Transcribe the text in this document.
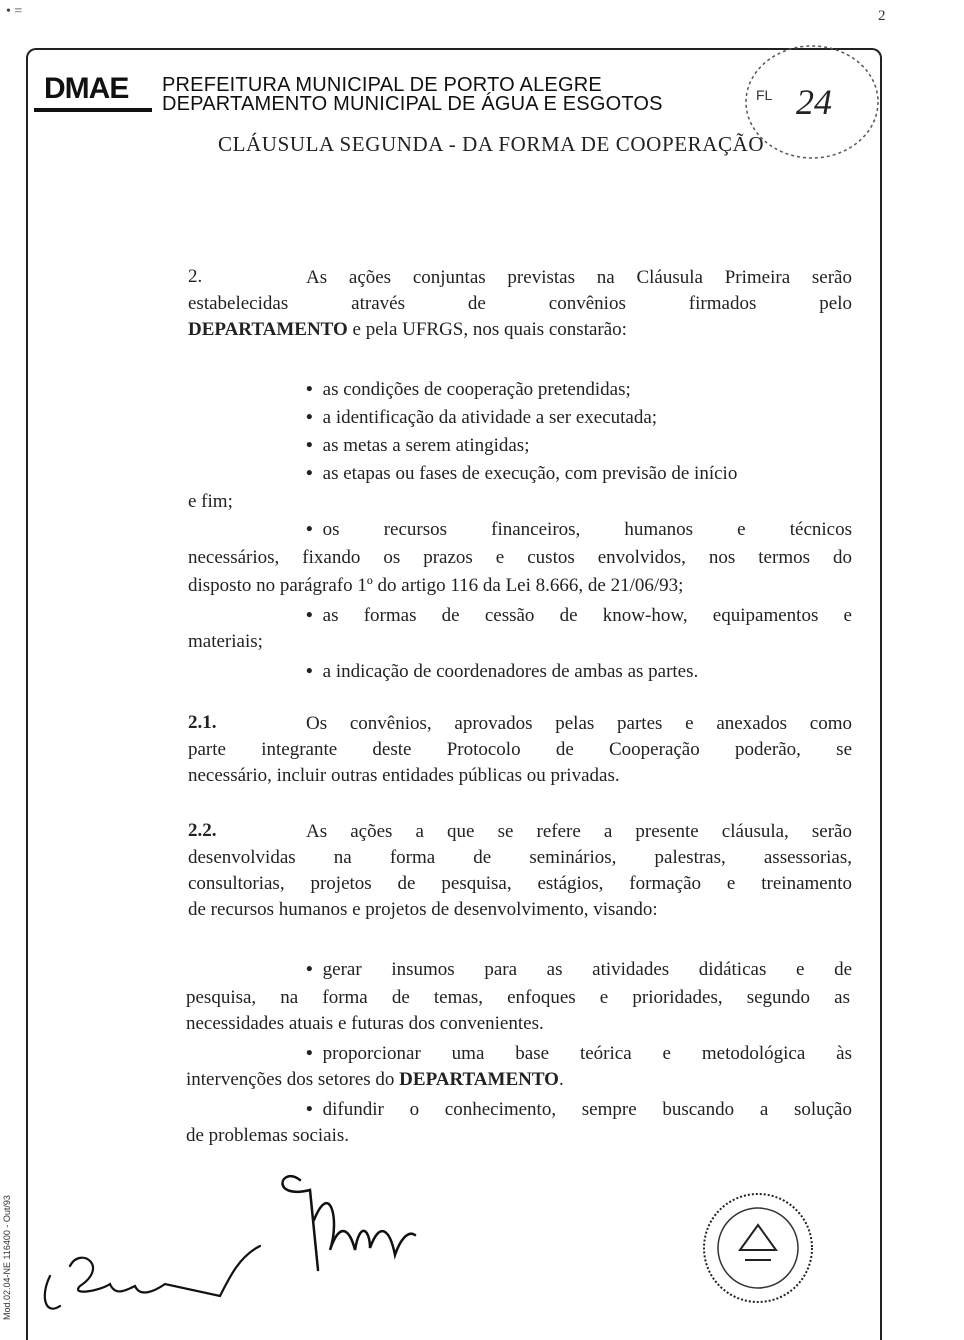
2
• =
DMAE PREFEITURA MUNICIPAL DE PORTO ALEGRE
DEPARTAMENTO MUNICIPAL DE ÁGUA E ESGOTOS	FL 24
CLÁUSULA SEGUNDA - DA FORMA DE COOPERAÇÃO
2.	As ações conjuntas previstas na Cláusula Primeira serão
estabelecidas através de convênios firmados pelo
DEPARTAMENTO e pela UFRGS, nos quais constarão:
• as condições de cooperação pretendidas;
• a identificação da atividade a ser executada;
• as metas a serem atingidas;
• as etapas ou fases de execução, com previsão de início
e fim;
• os recursos financeiros, humanos e técnicos
necessários, fixando os prazos e custos envolvidos, nos termos do
disposto no parágrafo 1º do artigo 116 da Lei 8.666, de 21/06/93;
• as formas de cessão de know-how, equipamentos e
materiais;
• a indicação de coordenadores de ambas as partes.
2.1.	Os convênios, aprovados pelas partes e anexados como
parte integrante deste Protocolo de Cooperação poderão, se
necessário, incluir outras entidades públicas ou privadas.
2.2.	As ações a que se refere a presente cláusula, serão
desenvolvidas na forma de seminários, palestras, assessorias,
consultorias, projetos de pesquisa, estágios, formação e treinamento
de recursos humanos e projetos de desenvolvimento, visando:
• gerar insumos para as atividades didáticas e de
pesquisa, na forma de temas, enfoques e prioridades, segundo as
necessidades atuais e futuras dos convenientes.
• proporcionar uma base teórica e metodológica às
intervenções dos setores do DEPARTAMENTO.
• difundir o conhecimento, sempre buscando a solução
de problemas sociais.
Mod.02.04-NE 116400 - Out/93
